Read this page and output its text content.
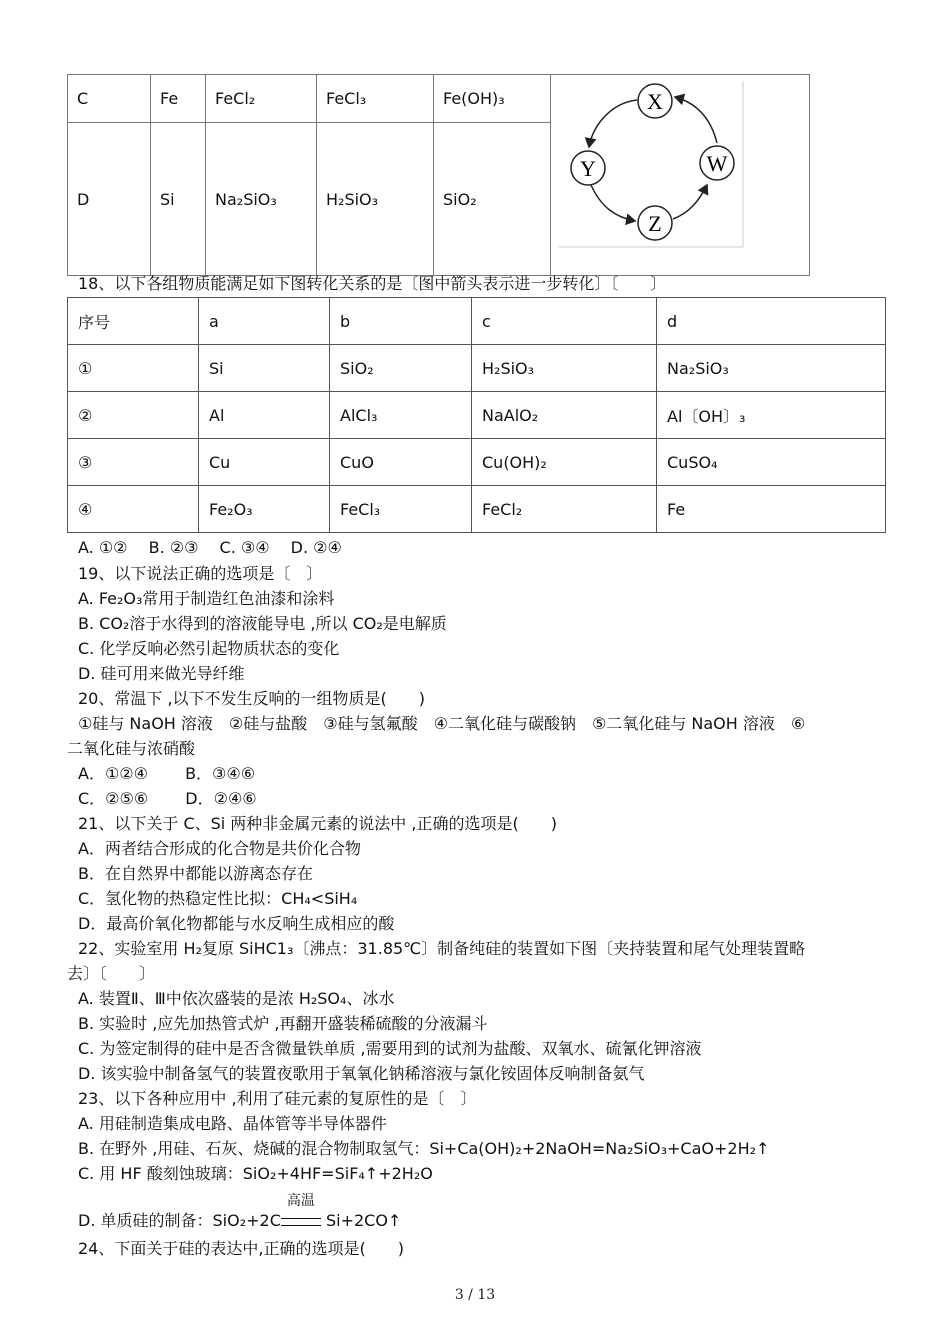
C	Fe	FeCl₂	FeCl₃	Fe(OH)₃	X
Y
Z
W

D	Si	Na₂SiO₃	H₂SiO₃	SiO₂	
18、以下各组物质能满足如下图转化关系的是〔图中箭头表示进一步转化〕〔　　〕
序号	a	b	c	d
①	Si	SiO₂	H₂SiO₃	Na₂SiO₃
②	Al	AlCl₃	NaAlO₂	Al〔OH〕₃
③	Cu	CuO	Cu(OH)₂	CuSO₄
④	Fe₂O₃	FeCl₃	FeCl₂	Fe
A. ①②　 B. ②③　 C. ③④　 D. ②④
19、以下说法正确的选项是〔　〕
A. Fe₂O₃常用于制造红色油漆和涂料
B. CO₂溶于水得到的溶液能导电 ,所以 CO₂是电解质
C. 化学反响必然引起物质状态的变化
D. 硅可用来做光导纤维
20、常温下 ,以下不发生反响的一组物质是(　　)
①硅与 NaOH 溶液　②硅与盐酸　③硅与氢氟酸　④二氧化硅与碳酸钠　⑤二氧化硅与 NaOH 溶液　⑥
二氧化硅与浓硝酸
A．①②④　　 B．③④⑥
C．②⑤⑥　　 D．②④⑥
21、以下关于 C、Si 两种非金属元素的说法中 ,正确的选项是(　　)
A．两者结合形成的化合物是共价化合物
B．在自然界中都能以游离态存在
C．氢化物的热稳定性比拟：CH₄<SiH₄
D．最高价氧化物都能与水反响生成相应的酸
22、实验室用 H₂复原 SiHC1₃〔沸点：31.85℃〕制备纯硅的装置如下图〔夹持装置和尾气处理装置略
去〕〔　　〕
A. 装置Ⅱ、Ⅲ中依次盛装的是浓 H₂SO₄、冰水
B. 实验时 ,应先加热管式炉 ,再翻开盛装稀硫酸的分液漏斗
C. 为签定制得的硅中是否含微量铁单质 ,需要用到的试剂为盐酸、双氧水、硫氰化钾溶液
D. 该实验中制备氢气的装置夜歌用于氧氧化钠稀溶液与氯化铵固体反响制备氨气
23、以下各种应用中 ,利用了硅元素的复原性的是〔　〕
A. 用硅制造集成电路、晶体管等半导体器件
B. 在野外 ,用硅、石灰、烧碱的混合物制取氢气：Si+Ca(OH)₂+2NaOH=Na₂SiO₃+CaO+2H₂↑
C. 用 HF 酸刻蚀玻璃：SiO₂+4HF=SiF₄↑+2H₂O
D. 单质硅的制备：SiO₂+2C
高温
Si+2CO↑
24、下面关于硅的表达中,正确的选项是(　　)
3 / 13
